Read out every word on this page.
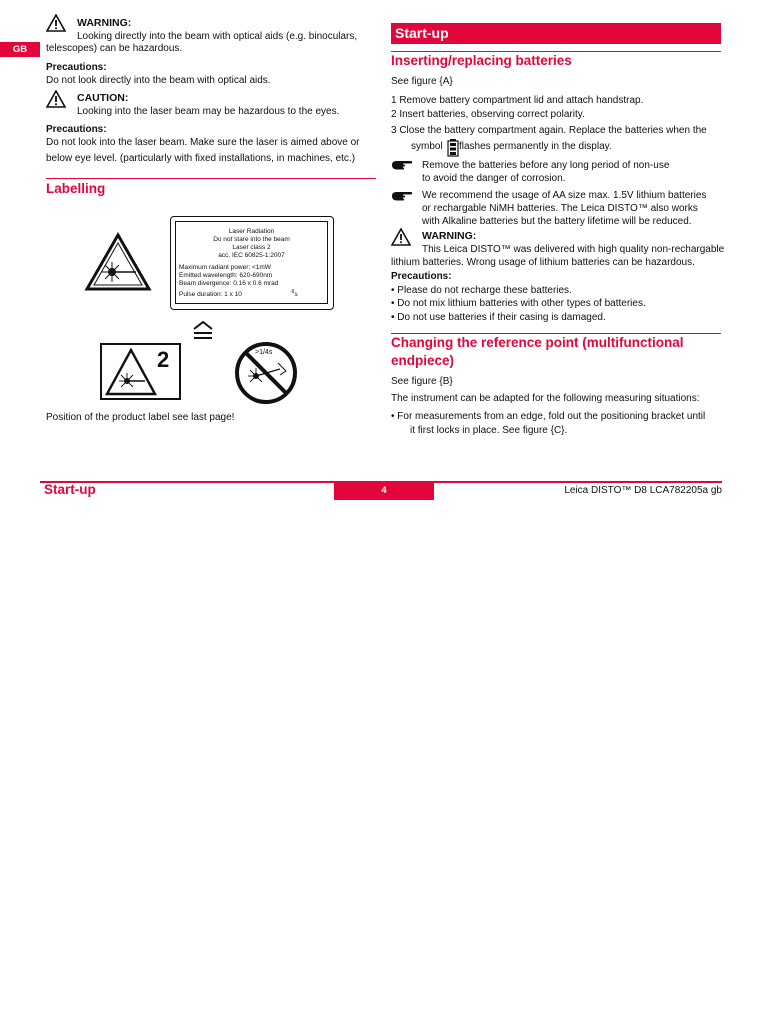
GB
WARNING:
Looking directly into the beam with optical aids (e.g. binoculars,
telescopes) can be hazardous.
Precautions:
Do not look directly into the beam with optical aids.
CAUTION:
Looking into the laser beam may be hazardous to the eyes.
Precautions:
Do not look into the laser beam. Make sure the laser is aimed above or
below eye level. (particularly with fixed installations, in machines, etc.)
Labelling
Laser Radiation
Do not stare into the beam
Laser class 2
acc. IEC 60825-1:2007
Maximum radiant power: <1mW
Emitted wavelength: 620-690nm
Beam divergence: 0.16 x 0.6 mrad
Pulse duration: 1 x 10	$^{-9}$s
2	>1/4s
Position of the product label see last page!
Start-up
Inserting/replacing batteries
See figure {A}
1 Remove battery compartment lid and attach handstrap.
2 Insert batteries, observing correct polarity.
3 Close the battery compartment again. Replace the batteries when the
symbol flashes permanently in the display.
Remove the batteries before any long period of non-use
to avoid the danger of corrosion.
We recommend the usage of AA size max. 1.5V lithium batteries
or rechargable NiMH batteries. The Leica DISTO™ also works
with Alkaline batteries but the battery lifetime will be reduced.
WARNING:
This Leica DISTO™ was delivered with high quality non-rechargable
lithium batteries. Wrong usage of lithium batteries can be hazardous.
Precautions:
• Please do not recharge these batteries.
• Do not mix lithium batteries with other types of batteries.
• Do not use batteries if their casing is damaged.
Changing the reference point (multifunctional
endpiece)
See figure {B}
The instrument can be adapted for the following measuring situations:
• For measurements from an edge, fold out the positioning bracket until
it first locks in place. See figure {C}.
Start-up	4	Leica DISTO™ D8 LCA782205a gb
